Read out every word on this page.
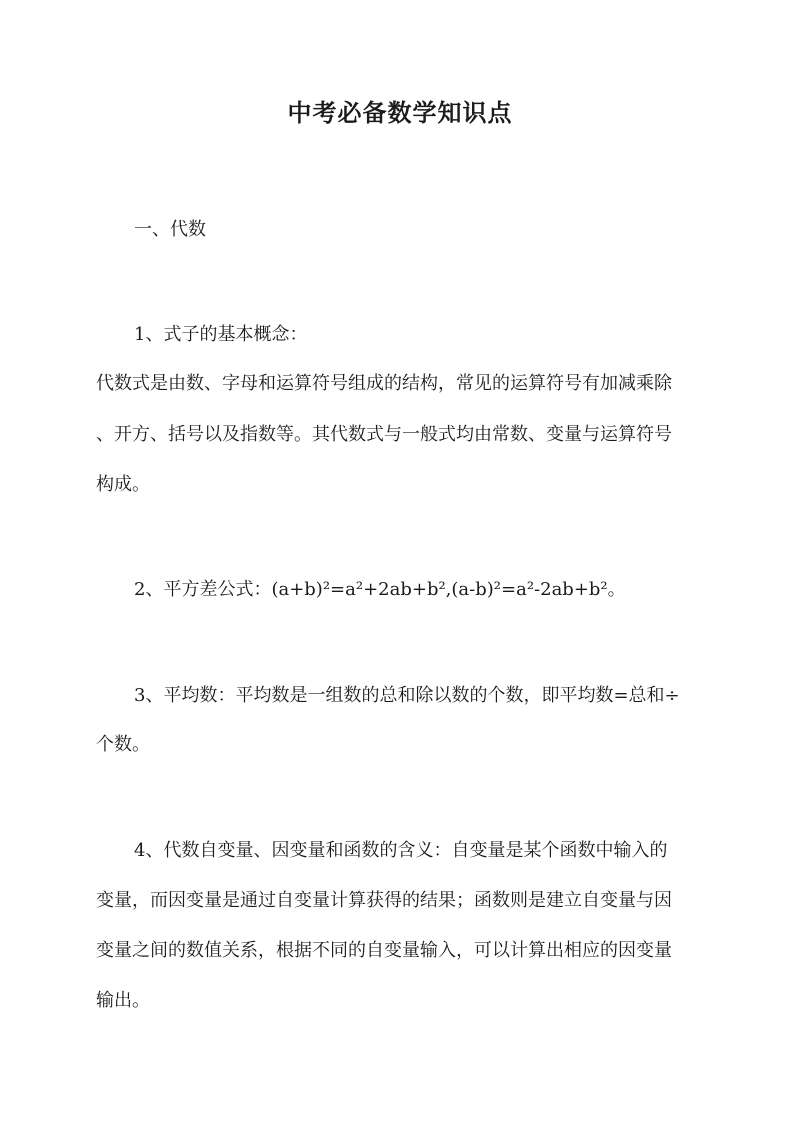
中考必备数学知识点
一、代数
1、式子的基本概念：
代数式是由数、字母和运算符号组成的结构，常见的运算符号有加减乘除
、开方、括号以及指数等。其代数式与一般式均由常数、变量与运算符号
构成。
2、平方差公式：(a+b)²=a²+2ab+b²,(a-b)²=a²-2ab+b²。
3、平均数：平均数是一组数的总和除以数的个数，即平均数=总和÷
个数。
4、代数自变量、因变量和函数的含义：自变量是某个函数中输入的
变量，而因变量是通过自变量计算获得的结果；函数则是建立自变量与因
变量之间的数值关系，根据不同的自变量输入，可以计算出相应的因变量
输出。
